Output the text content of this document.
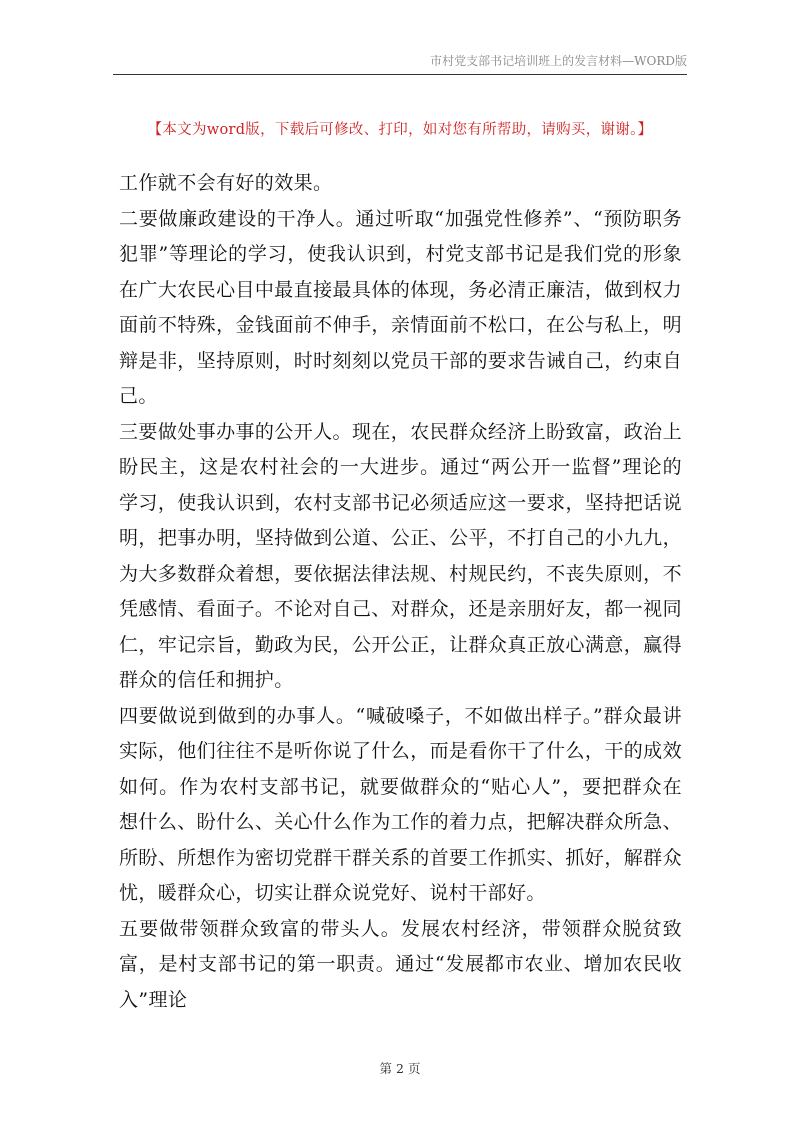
市村党支部书记培训班上的发言材料—WORD版
【本文为word版，下载后可修改、打印，如对您有所帮助，请购买，谢谢。】

工作就不会有好的效果。

二要做廉政建设的干净人。通过听取“加强党性修养”、“预防职务犯罪”等理论的学习，使我认识到，村党支部书记是我们党的形象在广大农民心目中最直接最具体的体现，务必清正廉洁，做到权力面前不特殊，金钱面前不伸手，亲情面前不松口，在公与私上，明辩是非，坚持原则，时时刻刻以党员干部的要求告诫自己，约束自己。

三要做处事办事的公开人。现在，农民群众经济上盼致富，政治上盼民主，这是农村社会的一大进步。通过“两公开一监督”理论的学习，使我认识到，农村支部书记必须适应这一要求，坚持把话说明，把事办明，坚持做到公道、公正、公平，不打自己的小九九，为大多数群众着想，要依据法律法规、村规民约，不丧失原则，不凭感情、看面子。不论对自己、对群众，还是亲朋好友，都一视同仁，牢记宗旨，勤政为民，公开公正，让群众真正放心满意，赢得群众的信任和拥护。

四要做说到做到的办事人。“喊破嗓子，不如做出样子。”群众最讲实际，他们往往不是听你说了什么，而是看你干了什么，干的成效如何。作为农村支部书记，就要做群众的“贴心人”，要把群众在想什么、盼什么、关心什么作为工作的着力点，把解决群众所急、所盼、所想作为密切党群干群关系的首要工作抓实、抓好，解群众忧，暖群众心，切实让群众说党好、说村干部好。

五要做带领群众致富的带头人。发展农村经济，带领群众脱贫致富，是村支部书记的第一职责。通过“发展都市农业、增加农民收入”理论

第 2 页
